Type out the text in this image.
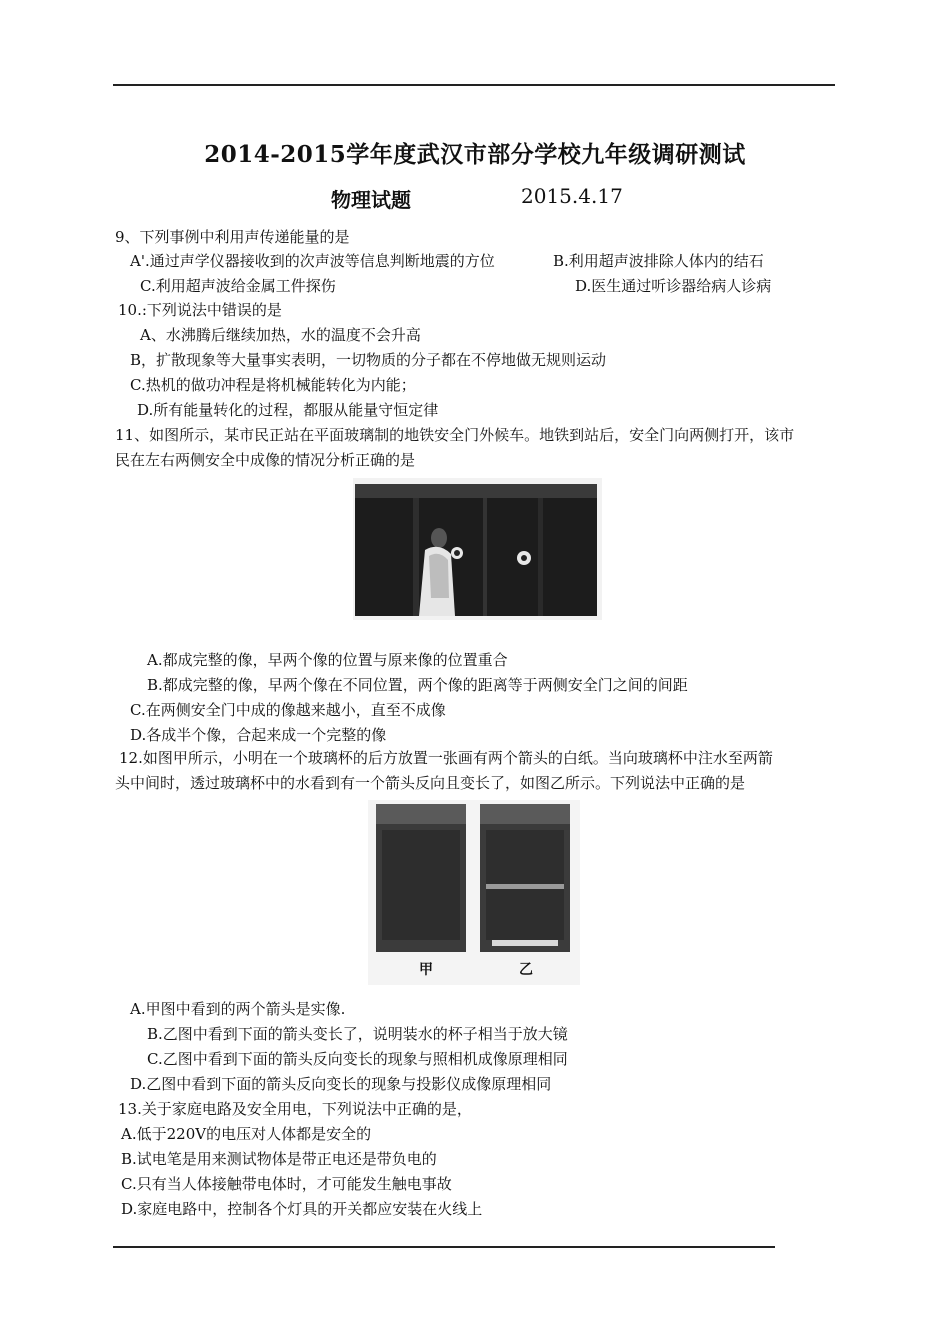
2014-2015学年度武汉市部分学校九年级调研测试
物理试题	2015.4.17
9、下列事例中利用声传递能量的是
A'.通过声学仪器接收到的次声波等信息判断地震的方位	B.利用超声波排除人体内的结石
C.利用超声波给金属工件探伤	D.医生通过听诊器给病人诊病
10.:下列说法中错误的是
A、水沸腾后继续加热，水的温度不会升高
B，扩散现象等大量事实表明，一切物质的分子都在不停地做无规则运动
C.热机的做功冲程是将机械能转化为内能；
D.所有能量转化的过程，都服从能量守恒定律
11、如图所示，某市民正站在平面玻璃制的地铁安全门外候车。地铁到站后，安全门向两侧打开，该市
民在左右两侧安全中成像的情况分析正确的是
A.都成完整的像，早两个像的位置与原来像的位置重合
B.都成完整的像，早两个像在不同位置，两个像的距离等于两侧安全门之间的间距
C.在两侧安全门中成的像越来越小，直至不成像
D.各成半个像，合起来成一个完整的像
12.如图甲所示，小明在一个玻璃杯的后方放置一张画有两个箭头的白纸。当向玻璃杯中注水至两箭
头中间时，透过玻璃杯中的水看到有一个箭头反向且变长了，如图乙所示。下列说法中正确的是
甲	乙
A.甲图中看到的两个箭头是实像.
B.乙图中看到下面的箭头变长了，说明装水的杯子相当于放大镜
C.乙图中看到下面的箭头反向变长的现象与照相机成像原理相同
D.乙图中看到下面的箭头反向变长的现象与投影仪成像原理相同
13.关于家庭电路及安全用电，下列说法中正确的是，
A.低于220V的电压对人体都是安全的
B.试电笔是用来测试物体是带正电还是带负电的
C.只有当人体接触带电体时，才可能发生触电事故
D.家庭电路中，控制各个灯具的开关都应安装在火线上
